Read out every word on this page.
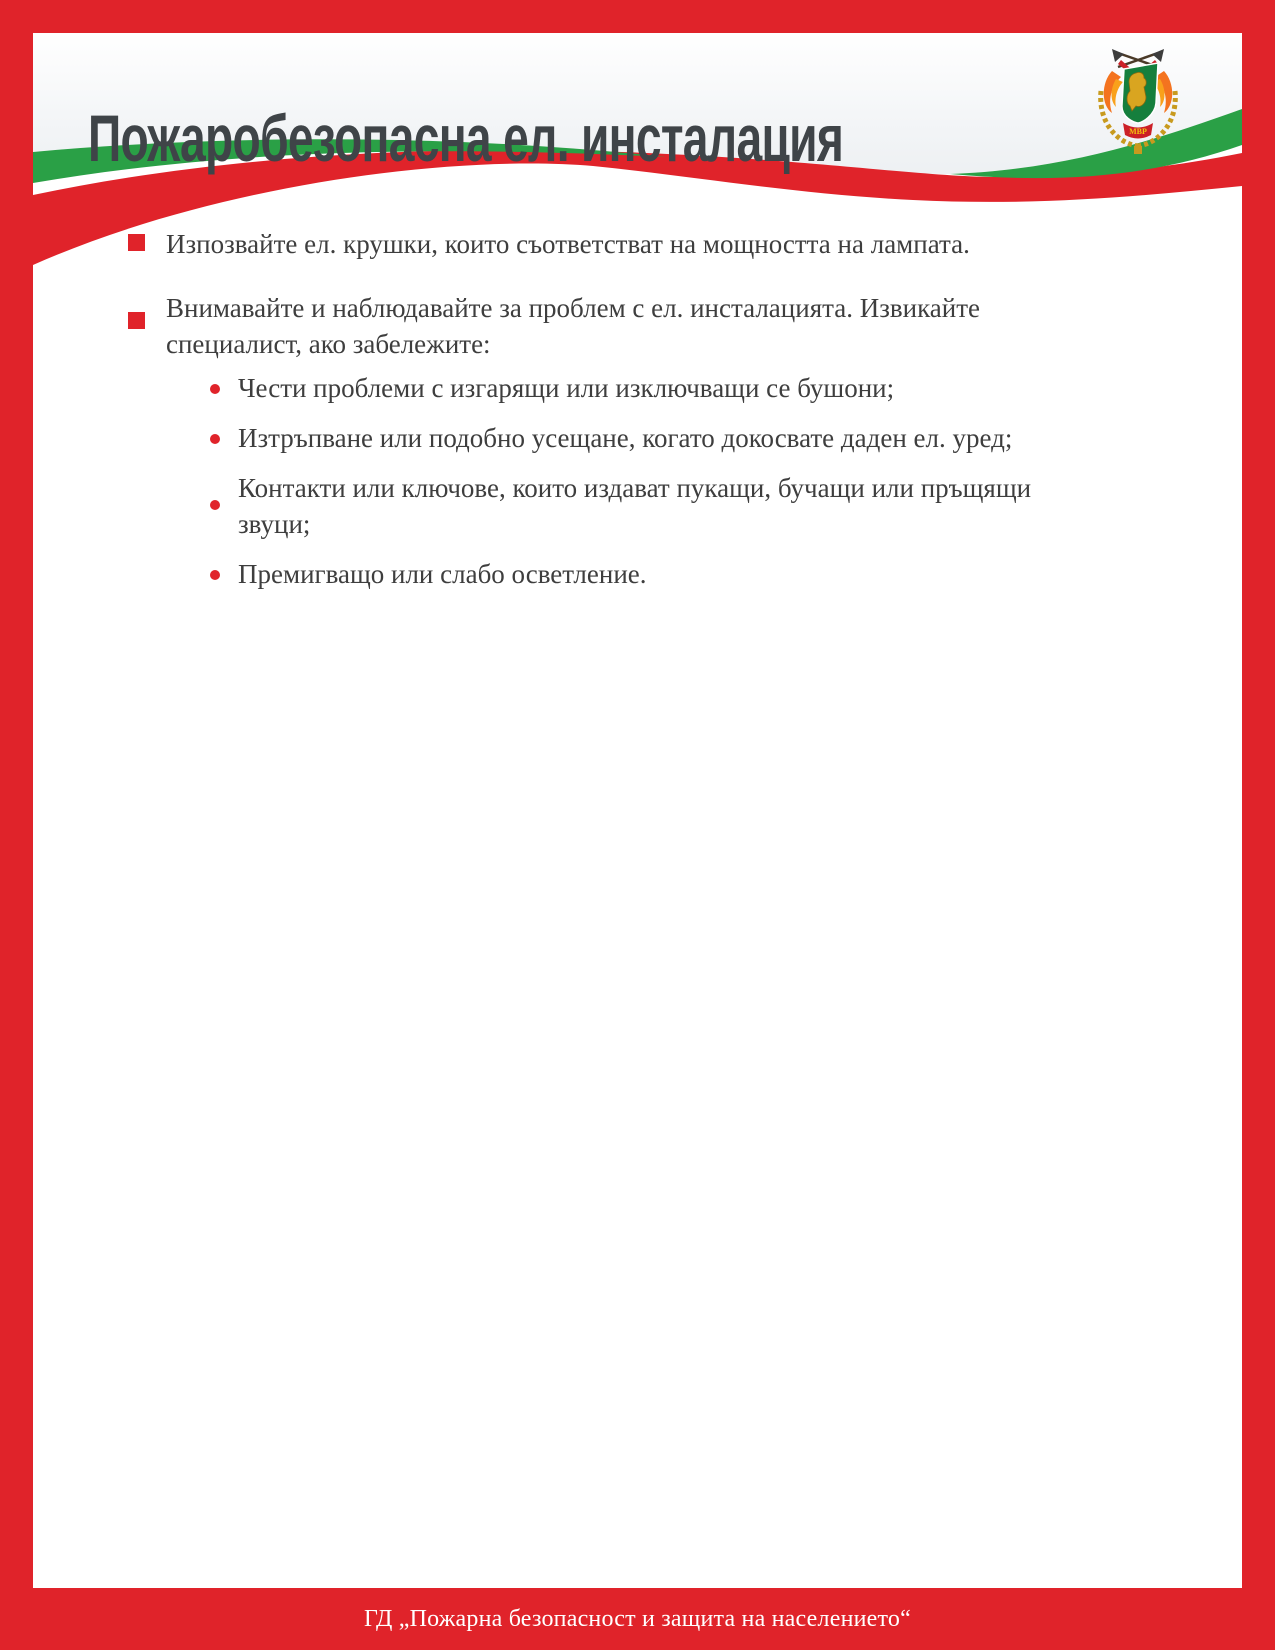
Пожаробезопасна ел. инсталация	МВР
Изпозвайте ел. крушки, които съответстват на мощността на лампата.
Внимавайте и наблюдавайте за проблем с ел. инсталацията. Извикайте специалист, ако забележите:
Чести проблеми с изгарящи или изключващи се бушони;
Изтръпване или подобно усещане, когато докосвате даден ел. уред;
Контакти или ключове, които издават пукащи, бучащи или пръщящи звуци;
Премигващо или слабо осветление.
ГД „Пожарна безопасност и защита на населението“
